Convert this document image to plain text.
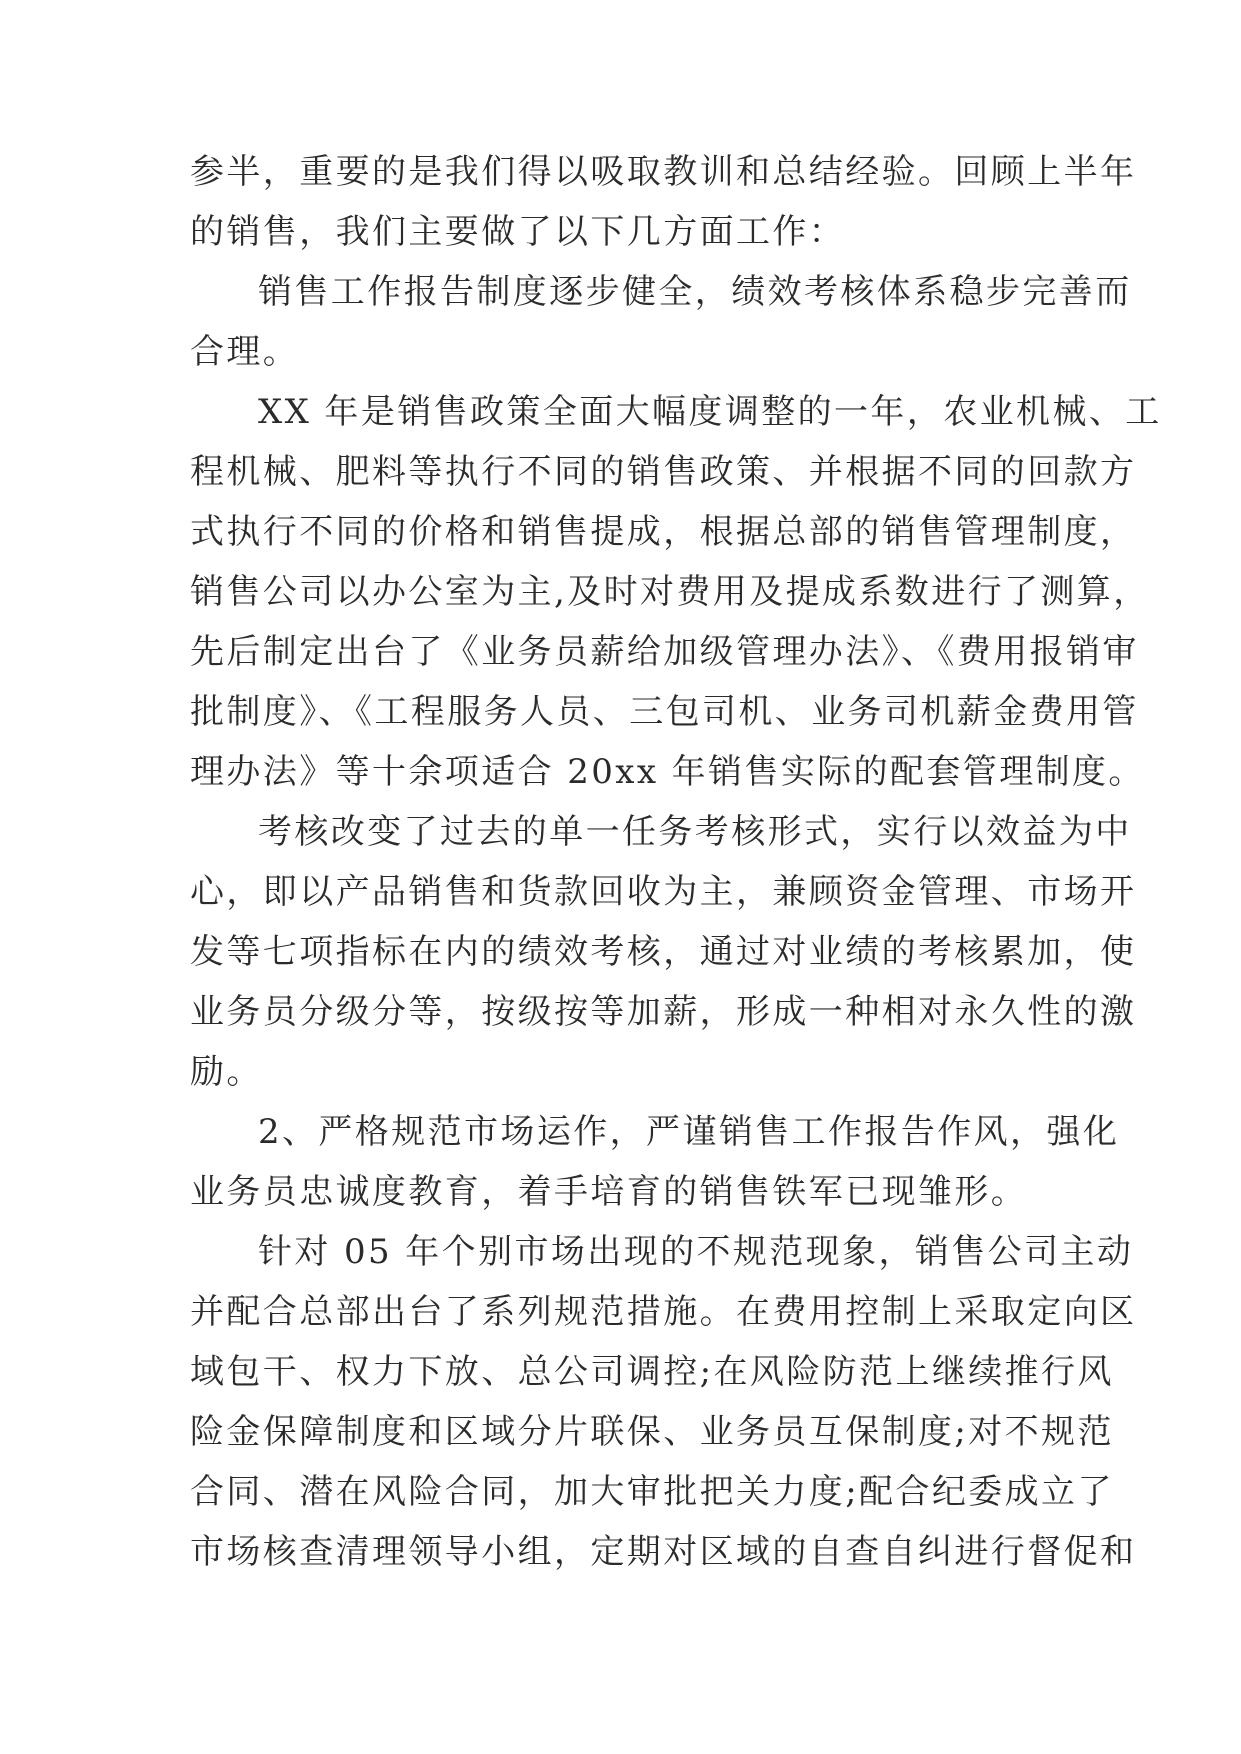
参半，重要的是我们得以吸取教训和总结经验。回顾上半年
的销售，我们主要做了以下几方面工作：
销售工作报告制度逐步健全，绩效考核体系稳步完善而
合理。
XX 年是销售政策全面大幅度调整的一年，农业机械、工
程机械、肥料等执行不同的销售政策、并根据不同的回款方
式执行不同的价格和销售提成，根据总部的销售管理制度，
销售公司以办公室为主,及时对费用及提成系数进行了测算，
先后制定出台了《业务员薪给加级管理办法》、《费用报销审
批制度》、《工程服务人员、三包司机、业务司机薪金费用管
理办法》等十余项适合 20xx 年销售实际的配套管理制度。
考核改变了过去的单一任务考核形式，实行以效益为中
心，即以产品销售和货款回收为主，兼顾资金管理、市场开
发等七项指标在内的绩效考核，通过对业绩的考核累加，使
业务员分级分等，按级按等加薪，形成一种相对永久性的激
励。
2、严格规范市场运作，严谨销售工作报告作风，强化
业务员忠诚度教育，着手培育的销售铁军已现雏形。
针对 05 年个别市场出现的不规范现象，销售公司主动
并配合总部出台了系列规范措施。在费用控制上采取定向区
域包干、权力下放、总公司调控;在风险防范上继续推行风
险金保障制度和区域分片联保、业务员互保制度;对不规范
合同、潜在风险合同，加大审批把关力度;配合纪委成立了
市场核查清理领导小组，定期对区域的自查自纠进行督促和
